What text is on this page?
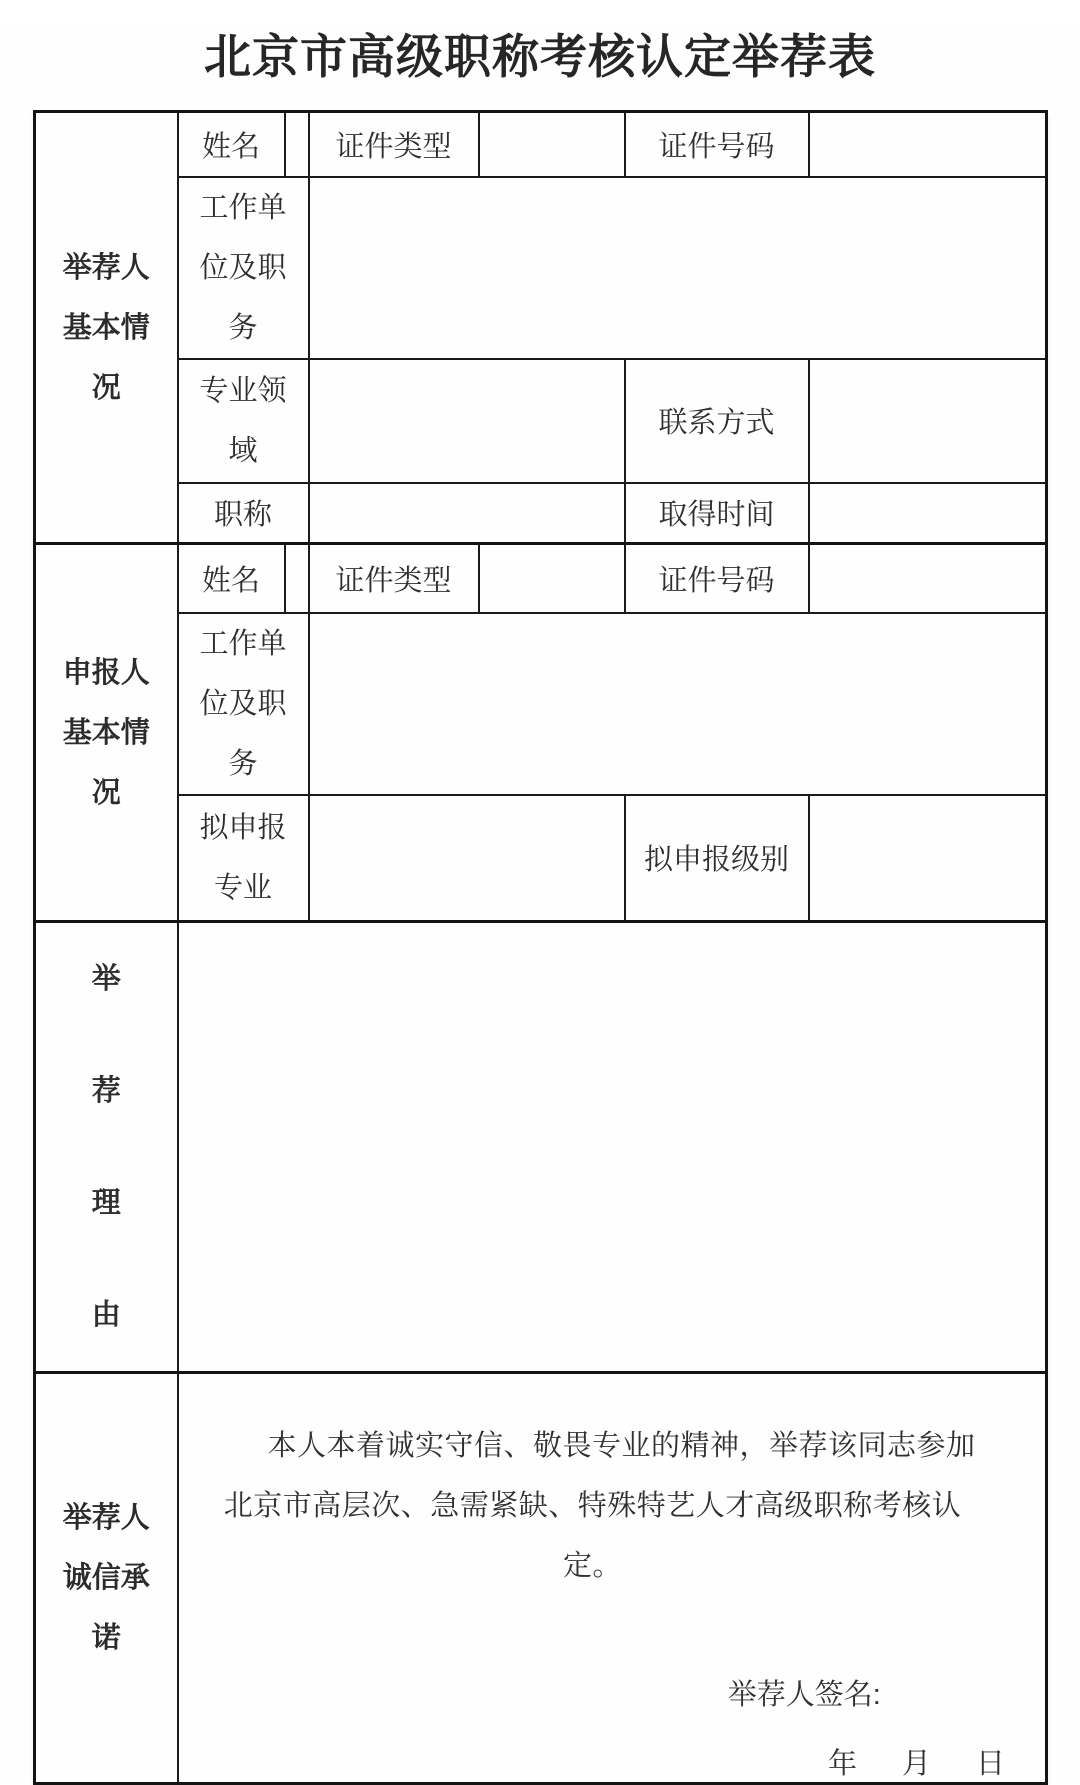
北京市高级职称考核认定举荐表
举荐人基本情况	姓名		证件类型		证件号码	
	工作单位及职务					
	专业领域				联系方式	
	职称				取得时间	
申报人基本情况	姓名		证件类型		证件号码	
	工作单位及职务					
	拟申报专业				拟申报级别	
举荐理由						
举荐人诚信承诺	本人本着诚实守信、敬畏专业的精神，举荐该同志参加北京市高层次、急需紧缺、特殊特艺人才高级职称考核认定。
举荐人签名:
年　月　日					
